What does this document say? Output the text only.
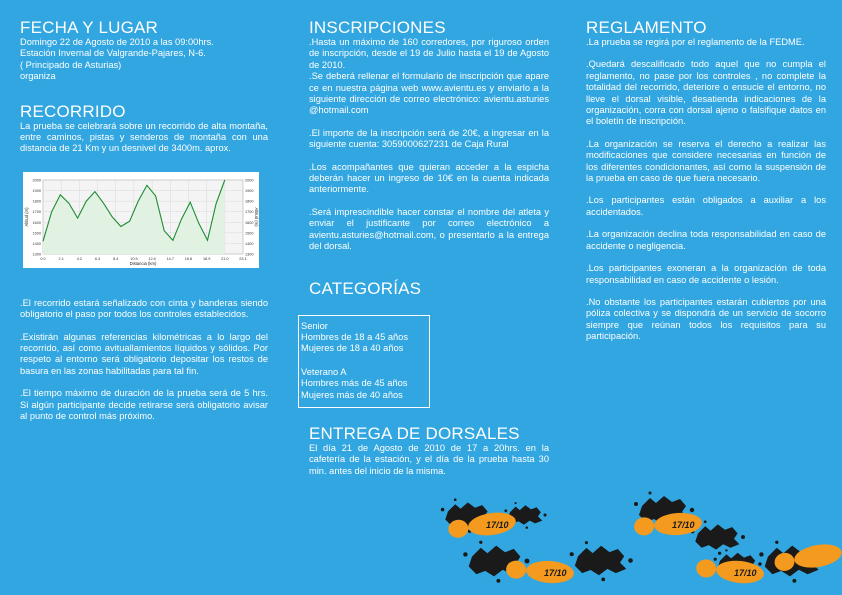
FECHA Y LUGAR
Domingo 22 de Agosto de 2010 a las 09:00hrs.
Estación Invernal de Valgrande-Pajares, N-6.
( Principado de Asturias)
organiza
RECORRIDO
La prueba se celebrará sobre un recorrido de alta montaña, entre caminos, pistas y senderos de montaña con una distancia de 21 Km y un desnivel de 3400m. aprox.
1300	1300
1400	1400
1500	1500
1600	1600
1700	1700
1800	1800
1900	1900
2000	2000
0.0	2.1	4.2	6.3	8.4	10.5	12.6	14.7	16.8	18.9	21.0	23.1
Distancia (km)
Altitud (m)	Altitud (m)
.El recorrido estará señalizado con cinta y banderas siendo obligatorio el paso por todos los controles establecidos.
.Existirán algunas referencias kilométricas a lo largo del recorrido, así como avituallamientos líquidos y sólidos. Por respeto al entorno será obligatorio depositar los restos de basura en las zonas habilitadas para tal fin.
.El tiempo máximo de duración de la prueba será de 5 hrs. Si algún participante decide retirarse será obligatorio avisar al punto de control más próximo.
INSCRIPCIONES
.Hasta un máximo de 160 corredores, por riguroso orden de inscripción, desde el 19 de Julio hasta el 19 de Agosto de 2010.
.Se deberá rellenar el formulario de inscripción que aparece en nuestra página web www.avientu.es y enviarlo a la siguiente dirección de correo electrónico: avientu.asturies@hotmail.com
.El importe de la inscripción será de 20€, a ingresar en la siguiente cuenta: 3059000627231 de Caja Rural
.Los acompañantes que quieran acceder a la espicha deberán hacer un ingreso de 10€ en la cuenta indicada anteriormente.
.Será imprescindible hacer constar el nombre del atleta y enviar el justificante por correo electrónico a avientu.asturies@hotmail.com, o presentarlo a la entrega del dorsal.
CATEGORÍAS
Senior
Hombres de 18 a 45 años
Mujeres de 18 a 40 años
Veterano A
Hombres más de 45 años
Mujeres más de 40 años
ENTREGA DE DORSALES
El día 21 de Agosto de 2010 de 17 a 20hrs. en la cafetería de la estación, y el día de la prueba hasta 30 min. antes del inicio de la misma.
REGLAMENTO
.La prueba se regirá por el reglamento de la FEDME.
.Quedará descalificado todo aquel que no cumpla el reglamento, no pase por los controles , no complete la totalidad del recorrido, deteriore o ensucie el entorno, no lleve el dorsal visible, desatienda indicaciones de la organización, corra con dorsal ajeno o falsifique datos en el boletín de inscripción.
.La organización se reserva el derecho a realizar las modificaciones que considere necesarias en función de los diferentes condicionantes, así como la suspensión de la prueba en caso de que fuera necesario.
.Los participantes están obligados a auxiliar a los accidentados.
.La organización declina toda responsabilidad en caso de accidente o negligencia.
.Los participantes exoneran a la organización de toda responsabilidad en caso de accidente o lesión.
.No obstante los participantes estarán cubiertos por una póliza colectiva y se dispondrá de un servicio de socorro siempre que reúnan todos los requisitos para su participación.
17/10
17/10
17/10
17/10
